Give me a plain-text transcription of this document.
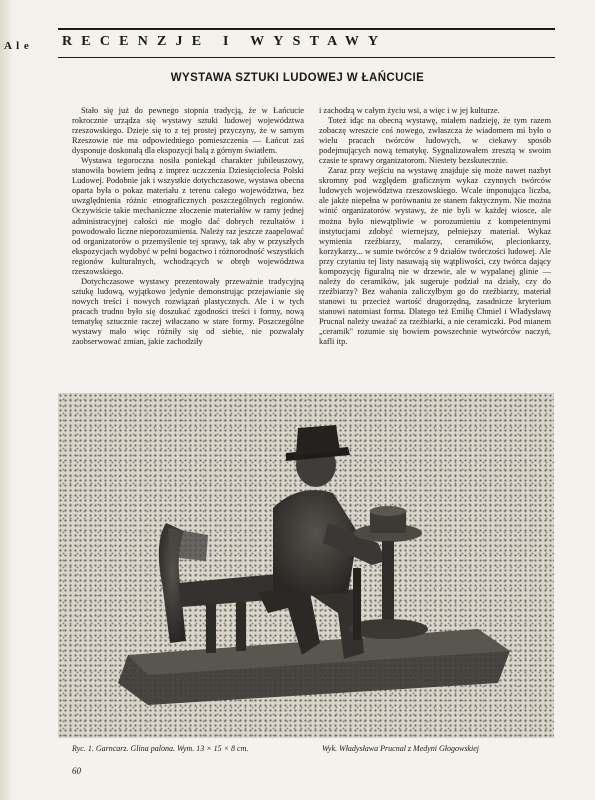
A l e RECENZJE I WYSTAWY
WYSTAWA SZTUKI LUDOWEJ W ŁAŃCUCIE

Stało się już do pewnego stopnia tradycją, że w Łańcucie rokrocznie urządza się wystawy sztuki ludowej województwa rzeszowskiego. Dzieje się to z tej prostej przyczyny, że w samym Rzeszowie nie ma odpowiedniego pomieszczenia — Łańcut zaś dysponuje doskonałą dla ekspozycji halą z górnym światłem.

Wystawa tegoroczna nosiła poniekąd charakter jubileuszowy, stanowiła bowiem jedną z imprez uczczenia Dziesięciolecia Polski Ludowej. Podobnie jak i wszystkie dotychczasowe, wystawa obecna oparta była o pokaz materiału z terenu całego województwa, bez uwzględnienia różnic etnograficznych poszczególnych regionów. Oczywiście takie mechaniczne złoczenie materiałów w ramy jednej administracyjnej całości nie mogło dać dobrych rezultatów i powodowało liczne nieporozumienia. Należy raz jeszcze zaapelować od organizatorów o przemyślenie tej sprawy, tak aby w przyszłych ekspozycjach wydobyć w pełni bogactwo i różnorodność wszystkich regionów kulturalnych, wchodzących w obręb województwa rzeszowskiego.

Dotychczasowe wystawy prezentowały przeważnie tradycyjną sztukę ludową, wyjątkowo jedynie demonstrując przejawianie się nowych treści i nowych rozwiązań plastycznych. Ale i w tych pracach trudno było się doszukać zgodności treści i formy, nową tematykę sztucznie raczej wtłaczano w stare formy. Poszczególne wystawy mało więc różniły się od siebie, nie pozwalały zaobserwować zmian, jakie zachodziły

i zachodzą w całym życiu wsi, a więc i w jej kulturze.

Toteż idąc na obecną wystawę, miałem nadzieję, że tym razem zobaczę wreszcie coś nowego, zwłaszcza że wiadomem mi było o wielu pracach twórców ludowych, w ciekawy sposób podejmujących nową tematykę. Sygnalizowałem zresztą w swoim czasie te sprawy organizatorom. Niestety bezskutecznie.

Zaraz przy wejściu na wystawę znajduje się może nawet nazbyt skromny pod względem graficznym wykaz czynnych twórców ludowych województwa rzeszowskiego. Wcale imponująca liczba, ale jakże niepełna w porównaniu ze stanem faktycznym. Nie można winić organizatorów wystawy, że nie byli w każdej wiosce, ale można było niewątpliwie w porozumieniu z kompetentnymi instytucjami zdobyć wiernejszy, pełniejszy materiał. Wykaz wymienia rzeźbiarzy, malarzy, ceramików, plecionkarzy, korzykarzy... w sumie twórców z 9 działów twórczości ludowej. Ale przy czytaniu tej listy nasuwają się wątpliwości, czy twórca dający kompozycję figuralną nie w drzewie, ale w wypalanej glinie — należy do ceramików, jak sugeruje podział na działy, czy do rzeźbiarzy? Bez wahania zaliczyłbym go do rzeźbiarzy, materiał stanowi tu przecież wartość drugorzędną, zasadnicze kryterium stanowi natomiast forma. Dlatego też Emilię Chmiel i Władysławę Prucnal należy uważać za rzeźbiarki, a nie ceramiczki. Pod mianem „ceramik" rozumie się bowiem powszechnie wytwórców naczyń, kafli itp.

Ryc. 1. Garncarz. Glina palona. Wym. 13 × 15 × 8 cm.	Wyk. Władysława Prucnal z Medyni Głogowskiej
60
